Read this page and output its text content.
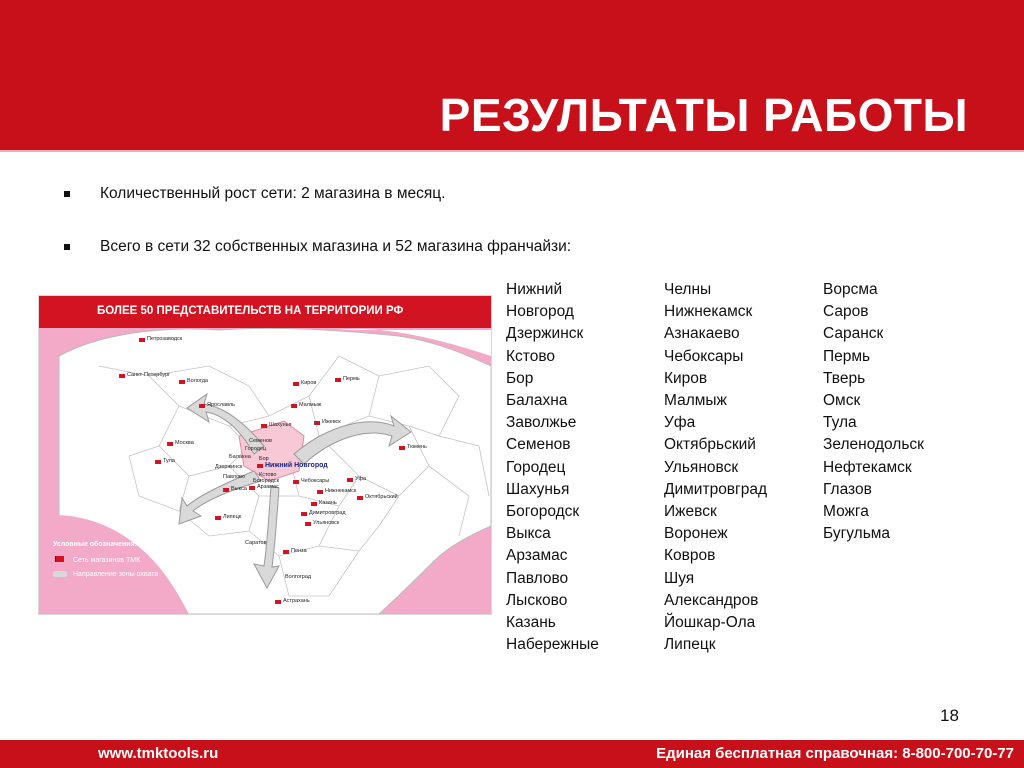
РЕЗУЛЬТАТЫ РАБОТЫ
Количественный рост сети: 2 магазина в месяц.
Всего в сети 32 собственных магазина и 52 магазина франчайзи:
БОЛЕЕ 50 ПРЕДСТАВИТЕЛЬСТВ НА ТЕРРИТОРИИ РФ
Петрозаводск
Санкт-Петербург
Вологда
Ярославль
Киров
Пермь
Малмыж
Ижевск
Шахунья
Москва
Тула
Тюмень
Семенов
Городец
Балахна Бор
Нижний Новгород
Дзержинск
Кстово
Богородск
Павлово
Чебоксары
Выкса Арзамас
Нижнекамск
Казань
Уфа
Октябрьский
Димитровград
Ульяновск
Липецк
Саратов
Пенза
Волгоград
Астрахань
Условные обозначения:
Сеть магазинов ТМК
Направление зоны охвата
Нижний
Новгород
Дзержинск
Кстово
Бор
Балахна
Заволжье
Семенов
Городец
Шахунья
Богородск
Выкса
Арзамас
Павлово
Лысково
Казань
Набережные
Челны
Нижнекамск
Азнакаево
Чебоксары
Киров
Малмыж
Уфа
Октябрьский
Ульяновск
Димитровград
Ижевск
Воронеж
Ковров
Шуя
Александров
Йошкар-Ола
Липецк
Ворсма
Саров
Саранск
Пермь
Тверь
Омск
Тула
Зеленодольск
Нефтекамск
Глазов
Можга
Бугульма
18
www.tmktools.ru	Единая бесплатная справочная: 8-800-700-70-77
